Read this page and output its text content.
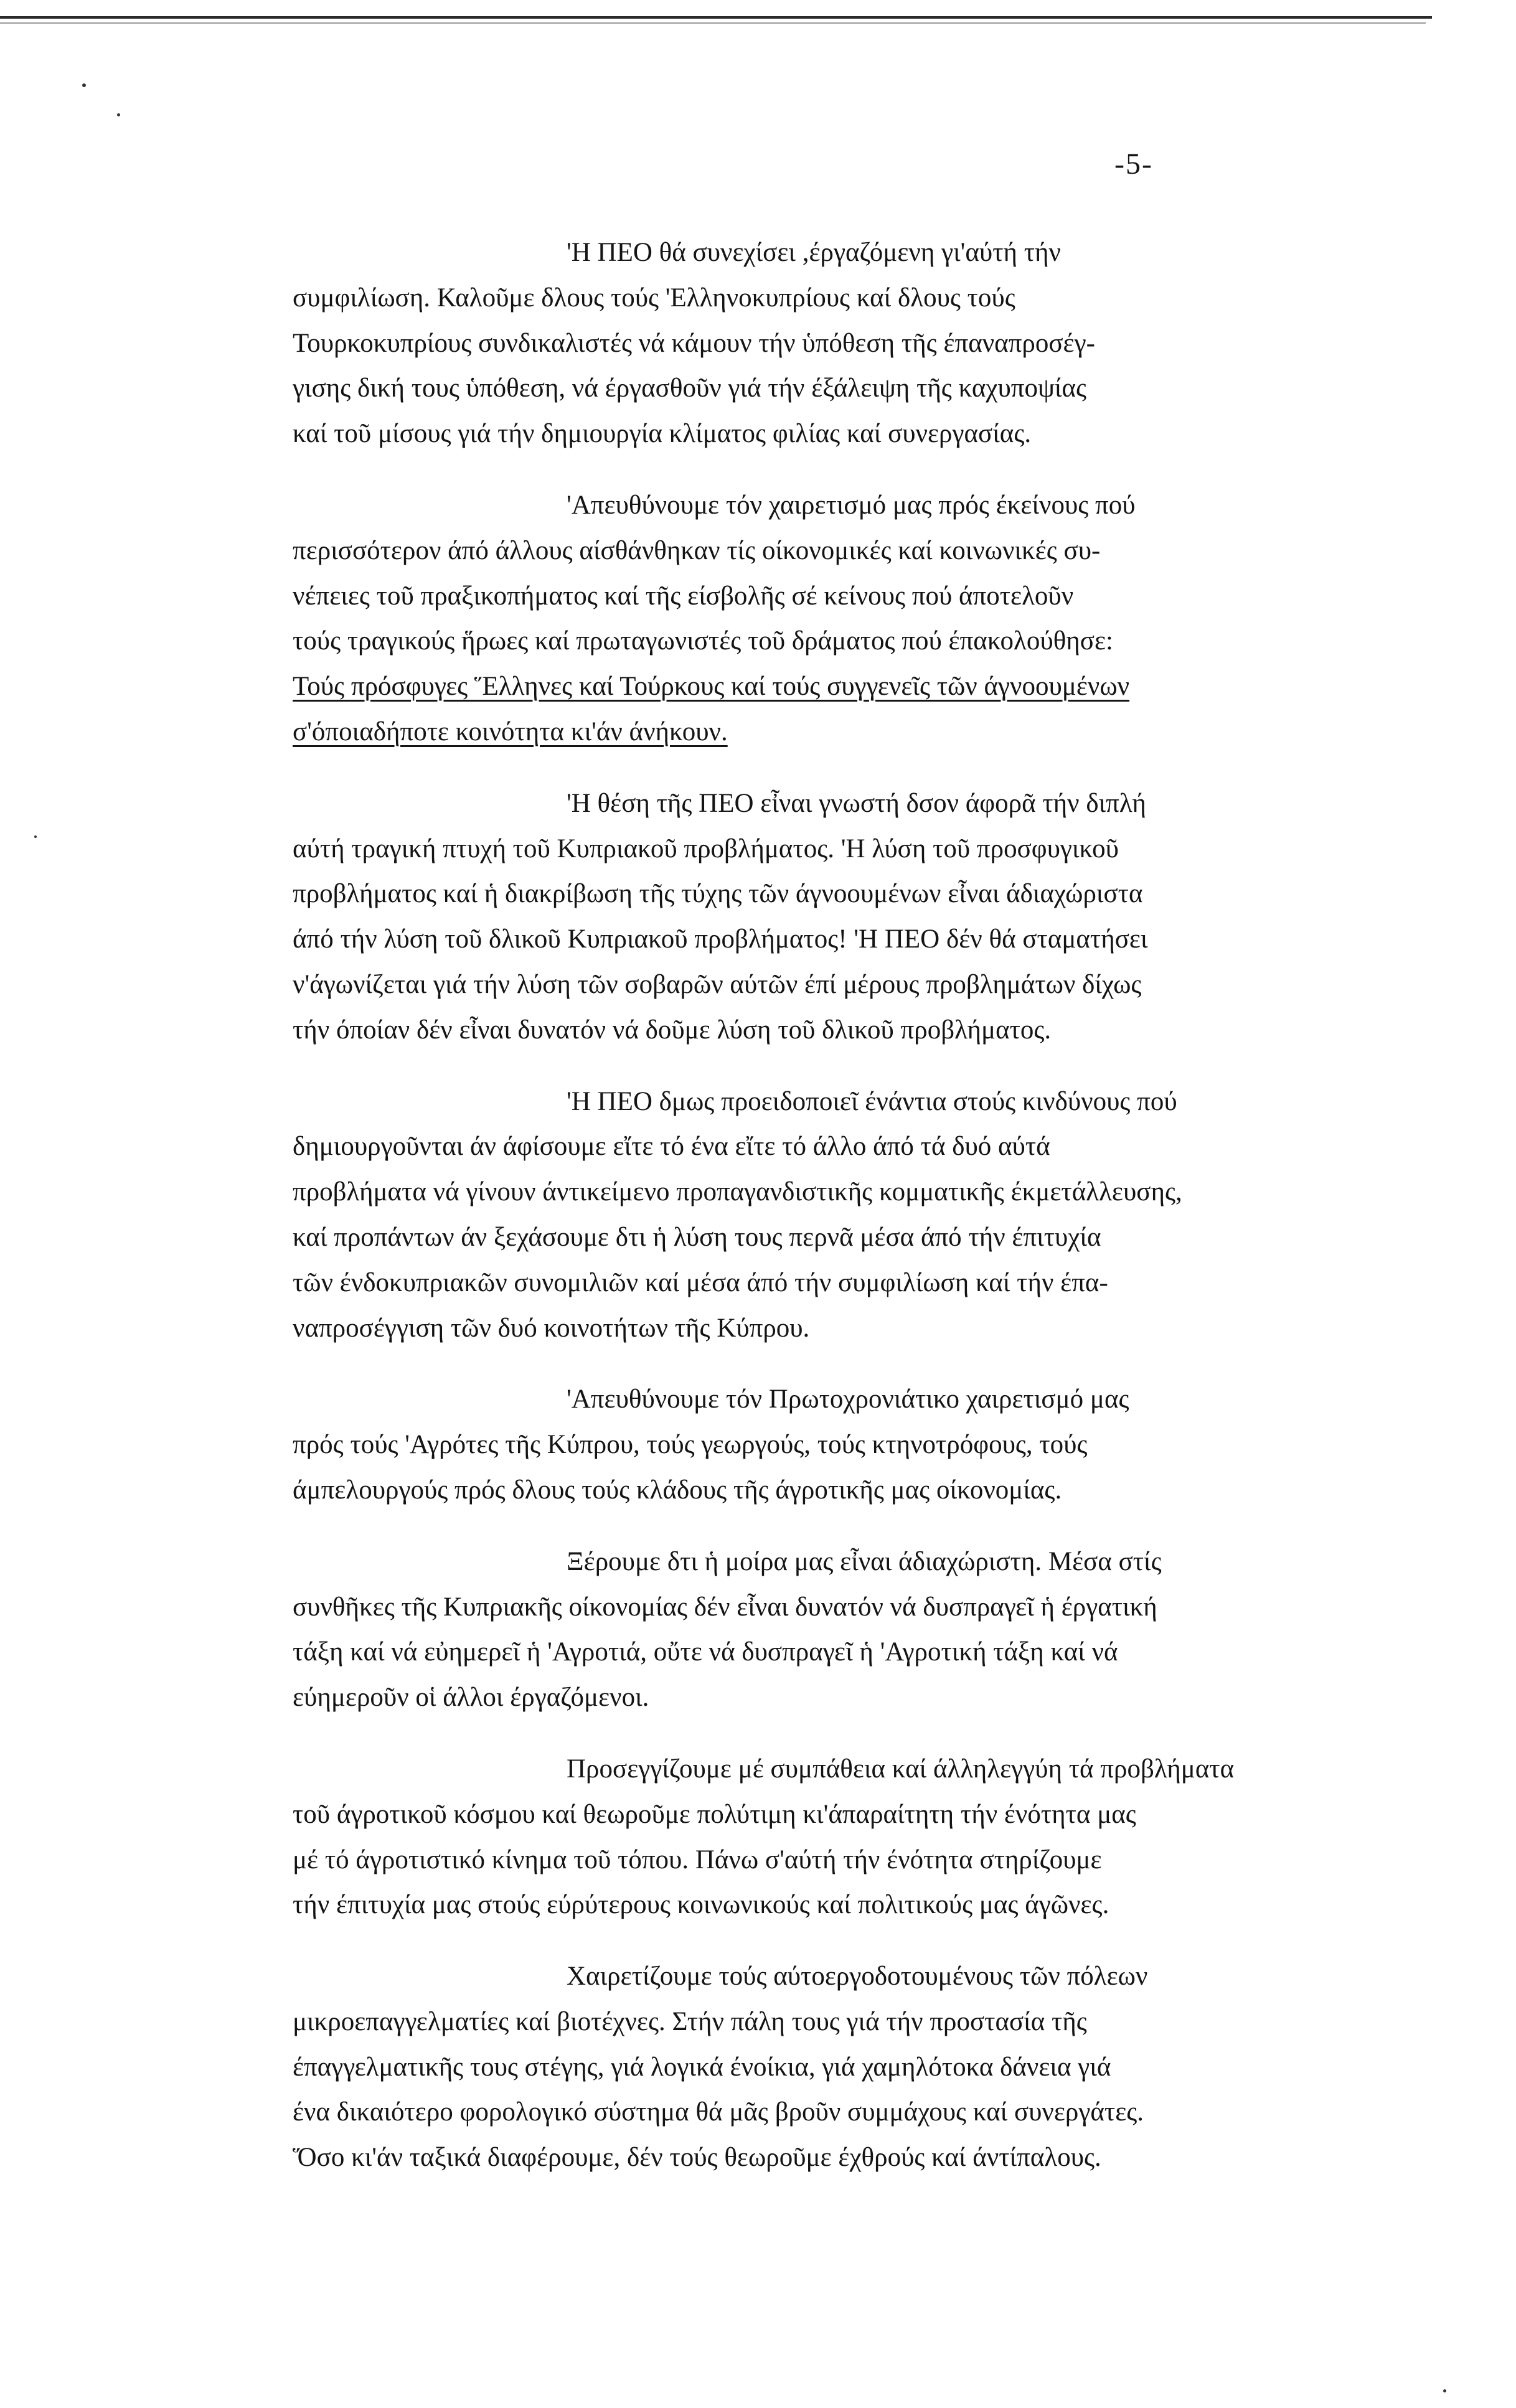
-5-
'Η ΠΕΟ θά συνεχίσει ,έργαζόμενη γι'αύτή τήν
συμφιλίωση. Καλοῦμε δλους τούς 'Ελληνοκυπρίους καί δλους τούς
Τουρκοκυπρίους συνδικαλιστές νά κάμουν τήν ὑπόθεση τῆς έπαναπροσέγ-
γισης δική τους ὑπόθεση, νά έργασθοῦν γιά τήν έξάλειψη τῆς καχυποψίας
καί τοῦ μίσους γιά τήν δημιουργία κλίματος φιλίας καί συνεργασίας.
'Απευθύνουμε τόν χαιρετισμό μας πρός έκείνους πού
περισσότερον άπό άλλους αίσθάνθηκαν τίς οίκονομικές καί κοινωνικές συ-
νέπειες τοῦ πραξικοπήματος καί τῆς είσβολῆς σέ κείνους πού άποτελοῦν
τούς τραγικούς ἥρωες καί πρωταγωνιστές τοῦ δράματος πού έπακολούθησε:
Τούς πρόσφυγες Ἕλληνες καί Τούρκους καί τούς συγγενεῖς τῶν άγνοουμένων
σ'όποιαδήποτε κοινότητα κι'άν άνήκουν.
'Η θέση τῆς ΠΕΟ εἶναι γνωστή δσον άφορᾶ τήν διπλή
αύτή τραγική πτυχή τοῦ Κυπριακοῦ προβλήματος. 'Η λύση τοῦ προσφυγικοῦ
προβλήματος καί ἡ διακρίβωση τῆς τύχης τῶν άγνοουμένων εἶναι άδιαχώριστα
άπό τήν λύση τοῦ δλικοῦ Κυπριακοῦ προβλήματος! 'Η ΠΕΟ δέν θά σταματήσει
ν'άγωνίζεται γιά τήν λύση τῶν σοβαρῶν αύτῶν έπί μέρους προβλημάτων δίχως
τήν όποίαν δέν εἶναι δυνατόν νά δοῦμε λύση τοῦ δλικοῦ προβλήματος.
'Η ΠΕΟ δμως προειδοποιεῖ ένάντια στούς κινδύνους πού
δημιουργοῦνται άν άφίσουμε εἴτε τό ένα εἴτε τό άλλο άπό τά δυό αύτά
προβλήματα νά γίνουν άντικείμενο προπαγανδιστικῆς κομματικῆς έκμετάλλευσης,
καί προπάντων άν ξεχάσουμε δτι ἡ λύση τους περνᾶ μέσα άπό τήν έπιτυχία
τῶν ένδοκυπριακῶν συνομιλιῶν καί μέσα άπό τήν συμφιλίωση καί τήν έπα-
ναπροσέγγιση τῶν δυό κοινοτήτων τῆς Κύπρου.
'Απευθύνουμε τόν Πρωτοχρονιάτικο χαιρετισμό μας
πρός τούς 'Αγρότες τῆς Κύπρου, τούς γεωργούς, τούς κτηνοτρόφους, τούς
άμπελουργούς πρός δλους τούς κλάδους τῆς άγροτικῆς μας οίκονομίας.
Ξέρουμε δτι ἡ μοίρα μας εἶναι άδιαχώριστη. Μέσα στίς
συνθῆκες τῆς Κυπριακῆς οίκονομίας δέν εἶναι δυνατόν νά δυσπραγεῖ ἡ έργατική
τάξη καί νά εὐημερεῖ ἡ 'Αγροτιά, οὔτε νά δυσπραγεῖ ἡ 'Αγροτική τάξη καί νά
εύημεροῦν οἱ άλλοι έργαζόμενοι.
Προσεγγίζουμε μέ συμπάθεια καί άλληλεγγύη τά προβλήματα
τοῦ άγροτικοῦ κόσμου καί θεωροῦμε πολύτιμη κι'άπαραίτητη τήν ένότητα μας
μέ τό άγροτιστικό κίνημα τοῦ τόπου. Πάνω σ'αύτή τήν ένότητα στηρίζουμε
τήν έπιτυχία μας στούς εύρύτερους κοινωνικούς καί πολιτικούς μας άγῶνες.
Χαιρετίζουμε τούς αύτοεργοδοτουμένους τῶν πόλεων
μικροεπαγγελματίες καί βιοτέχνες. Στήν πάλη τους γιά τήν προστασία τῆς
έπαγγελματικῆς τους στέγης, γιά λογικά ένοίκια, γιά χαμηλότοκα δάνεια γιά
ένα δικαιότερο φορολογικό σύστημα θά μᾶς βροῦν συμμάχους καί συνεργάτες.
Ὅσο κι'άν ταξικά διαφέρουμε, δέν τούς θεωροῦμε έχθρούς καί άντίπαλους.
